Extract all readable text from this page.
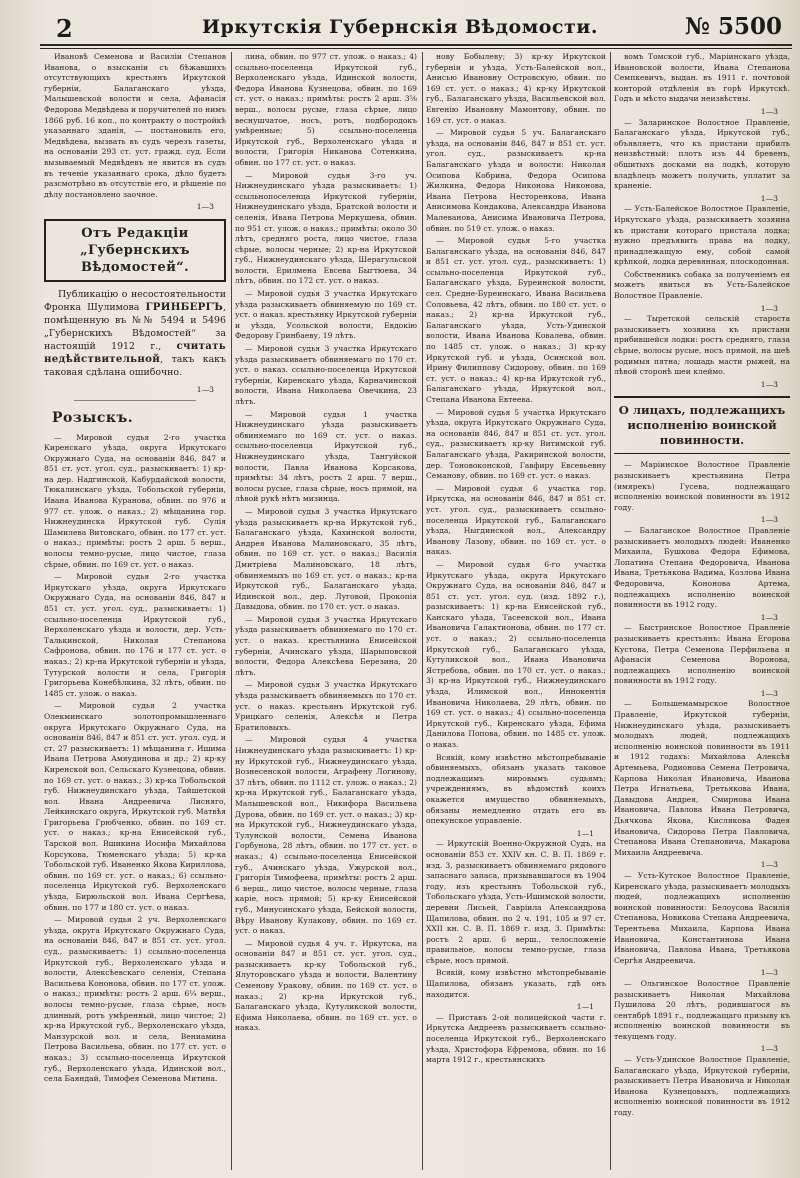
2	Иркутскiя Губернскiя Вѣдомости.	№ 5500

Ивановѣ Семенова и Василiи Степанов Иванова, о взысканiи съ бѣжавшихъ отсутствующихъ крестьянъ Иркутской губернiи, Балаганскаго уѣзда, Малышевской волости и села, Афанасiя Федорова Медвѣдева и поручителей по нимъ 1866 руб. 16 коп., по контракту о постройкѣ указаннаго зданiя, — постановилъ его, Медвѣдева, вызвать въ судъ черезъ газеты, на основанiи 293 ст. уст. гражд. суд. Если вызываемый Медвѣдевъ не явится въ судъ въ теченiе указаннаго срока, дѣло будетъ разсмотрѣно въ отсутствiе его, и рѣшенiе по дѣлу постановлено заочное.

1—3
Отъ Редакцiи „Губернскихъ Вѣдомостей“.
Публикацiю о несостоятельности Фронка Шулимова ГРИНБЕРГЪ, помѣщенную въ №№ 5494 и 5496 „Губернскихъ Вѣдомостей“ за настоящiй 1912 г., считать недѣйствительной, такъ какъ таковая сдѣлана ошибочно.
1—3
Розыскъ.

— Мировой судья 2-го участка Киренскаго уѣзда, округа Иркутскаго Окружнаго Суда, на основанiи 846, 847 и 851 ст. уст. угол. суд., разыскиваетъ: 1) кр-на дер. Надгинской, Кабурдайской волости, Тюкалинскаго уѣзда, Тобольской губернiи, Ивана Иванова Куранова, обвин. по 976 и 977 ст. улож. о наказ.; 2) мѣщанина гор. Нижнеудинска Иркутской губ. Сулiя Шамилева Витовскаго, обвин. по 177 ст. уст. о наказ.; примѣты: ростъ 2 арш. 5 верш., волосы темно-русые, лицо чистое, глаза сѣрые, обвин. по 169 ст. уст. о наказ.

— Мировой судья 2-го участка Иркутскаго уѣзда, округа Иркутскаго Окружнаго Суда, на основанiи 846, 847 и 851 ст. уст. угол. суд., разыскиваетъ: 1) ссыльно-поселенца Иркутской губ., Верхоленскаго уѣзда и волости, дер. Усть-Талькинской, Николая Степанова Сафронова, обвин. по 176 и 177 ст. уст. о наказ.; 2) кр-на Иркутской губернiи и уѣзда, Тутурской волости и села, Григорiя Григорьева Конебѣлкина, 32 лѣтъ, обвин. по 1485 ст. улож. о наказ.

— Мировой судья 2 участка Олекминскаго золотопромышленнаго округа Иркутскаго Окружнаго Суда, на основанiи 846, 847 и 851 ст. уст. угол. суд. и ст. 27 разыскиваетъ: 1) мѣщанина г. Ишима Ивана Петрова Амяудинова и др.; 2) кр-ку Киренской вол. Сельскаго Кузнецова, обвин. по 169 ст. уст. о наказ.; 3) кр-ка Тобольской губ. Нижнеудинскаго уѣзда, Тайшетской вол. Ивана Андреевича Лисняго, Лейкинскаго округа, Иркутской губ. Матвѣя Григорьева Грюбченко, обвин. по 169 ст. уст. о наказ.; кр-на Енисейской губ., Тарской вол. Вшикина Иосифа Михайлова Корсукова, Тюменскаго уѣзда; 5) кр-ка Тобольской губ. Иваненко Якова Кириллова, обвин. по 169 ст. уст. о наказ.; 6) ссыльно-поселенца Иркутской губ. Верхоленскаго уѣзда, Бирюльской вол. Ивана Сергѣева, обвин. по 177 и 180 ст. уст. о наказ.

— Мировой судья 2 уч. Верхоленскаго уѣзда, округа Иркутскаго Окружнаго Суда, на основанiи 846, 847 и 851 ст. уст. угол. суд., разыскиваетъ: 1) ссыльно-поселенца Иркутской губ., Верхоленскаго уѣзда и волости, Алексѣевскаго селенiя, Степана Васильева Кононова, обвин. по 177 ст. улож. о наказ.; примѣты: ростъ 2 арш. 6¼ верш., волосы темно-русые, глаза сѣрые, носъ длинный, ротъ умѣренный, лицо чистое; 2) кр-на Иркутской губ., Верхоленскаго уѣзда, Манзурской вол. и села, Вениамина Петрова Васильева, обвин. по 177 ст. уст. о наказ.; 3) ссыльно-поселенца Иркутской губ., Верхоленскаго уѣзда, Идинской вол., села Баяндай, Тимофея Семенова Митина.

лина, обвин. по 977 ст. улож. о наказ.; 4) ссыльно-поселенца Иркутской губ., Верхоленскаго уѣзда, Идинской волости, Федора Иванова Кузнецова, обвин. по 169 ст. уст. о наказ.; примѣты: ростъ 2 арш. 3⅝ верш., волосы русые, глаза сѣрые, лицо веснушчатое, носъ, ротъ, подбородокъ умѣренные; 5) ссыльно-поселенца Иркутской губ., Верхоленскаго уѣзда и волости, Григорiя Никанова Сотенкина, обвин. по 177 ст. уст. о наказ.

— Мировой судья 3-го уч. Нижнеудинскаго уѣзда разыскиваетъ: 1) ссыльнопоселенца Иркутской губернiи, Нижнеудинскаго уѣзда, Братской волости и селенiя, Ивана Петрова Меркушева, обвин. по 951 ст. улож. о наказ.; примѣты: около 30 лѣтъ, средняго роста, лицо чистое, глаза сѣрые, волосы черные; 2) кр-на Иркутской губ., Нижнеудинскаго уѣзда, Шерагульской волости, Ерилмена Евсева Быгтюева, 34 лѣтъ, обвин. по 172 ст. уст. о наказ.

— Мировой судья 3 участка Иркутскаго уѣзда разыскиваетъ обвиняемую по 169 ст. уст. о наказ. крестьянку Иркутской губернiи и уѣзда, Усольской волости, Евдокiю Федорову Гринбаеву, 19 лѣтъ.

— Мировой судья 3 участка Иркутскаго уѣзда разыскиваетъ обвиняемаго по 170 ст. уст. о наказ. ссыльно-поселенца Иркутской губернiи, Киренскаго уѣзда, Карначинской волости, Ивана Николаева Овечкина, 23 лѣтъ.

— Мировой судья 1 участка Нижнеудинскаго уѣзда разыскиваетъ обвиняемаго по 169 ст. уст. о наказ. ссыльно-поселенца Иркутской губ., Нижнеудинскаго уѣзда, Тангуйской волости, Павла Иванова Корсакова, примѣты: 34 лѣтъ, ростъ 2 арш. 7 верш., волосы русые, глаза сѣрые, носъ прямой, на лѣвой рукѣ нѣтъ мизинца.

— Мировой судья 3 участка Иркутскаго уѣзда разыскиваетъ кр-на Иркутской губ., Балаганскаго уѣзда, Кахинской волости, Андрея Иванова Малиновскаго, 35 лѣтъ, обвин. по 169 ст. уст. о наказ.; Василiя Дмитрiева Малиновскаго, 18 лѣтъ, обвиняемыхъ по 169 ст. уст. о наказ.; кр-на Иркутской губ., Балаганскаго уѣзда, Идинской вол., дер. Луговой, Прокопiя Давыдова, обвин. по 170 ст. уст. о наказ.

— Мировой судья 3 участка Иркутскаго уѣзда разыскиваетъ обвиняемаго по 170 ст. уст. о наказ. крестьянина Енисейской губернiи, Ачинскаго уѣзда, Шарыповской волости, Федора Алексѣева Березина, 20 лѣтъ.

— Мировой судья 3 участка Иркутскаго уѣзда разыскиваетъ обвиняемыхъ по 170 ст. уст. о наказ. крестьянъ Иркутской губ. Урицкаго селенiя, Алексѣя и Петра Братиловыхъ.

— Мировой судья 4 участка Нижнеудинскаго уѣзда разыскиваетъ: 1) кр-ну Иркутской губ., Нижнеудинскаго уѣзда, Вознесенской волости, Аграфену Логинову, 37 лѣтъ, обвин. по 1112 ст. улож. о наказ.; 2) кр-на Иркутской губ., Балаганскаго уѣзда, Малышевской вол., Никифора Васильева Дурова, обвин. по 169 ст. уст. о наказ.; 3) кр-на Иркутской губ., Нижнеудинскаго уѣзда, Тулунской волости, Семена Иванова Горбунова, 28 лѣтъ, обвин. по 177 ст. уст. о наказ.; 4) ссыльно-поселенца Енисейской губ., Ачинскаго уѣзда, Ужурской вол., Григорiя Тимофеева, примѣты: ростъ 2 арш. 6 верш., лицо чистое, волосы черные, глаза карiе, носъ прямой; 5) кр-ку Енисейской губ., Минусинскаго уѣзда, Бейской волости, Вѣру Иванову Кулакову, обвин. по 169 ст. уст. о наказ.

— Мировой судья 4 уч. г. Иркутска, на основанiи 847 и 851 ст. уст. угол. суд., разыскиваетъ кр-ку Тобольской губ., Ялуторовскаго уѣзда и волости, Валентину Семенову Уракову, обвин. по 169 ст. уст. о наказ.; 2) кр-на Иркутской губ., Балаганскаго уѣзда, Кутуликской волости, Ефима Николаева, обвин. по 169 ст. уст. о наказ.

нову Бобылеву; 3) кр-ку Иркутской губернiи и уѣзда, Усть-Балейской вол., Анисью Ивановну Островскую, обвин. по 169 ст. уст. о наказ.; 4) кр-ку Иркутской губ., Балаганскаго уѣзда, Васильевской вол. Евгенiю Ивановну Мамонтову, обвин. по 169 ст. уст. о наказ.

— Мировой судья 5 уч. Балаганскаго уѣзда, на основанiи 846, 847 и 851 ст. уст. угол. суд., разыскиваетъ кр-на Балаганскаго уѣзда и волости: Николая Осипова Кобрина, Федора Осипова Жилкина, Федора Никонова Никонова, Ивана Петрова Несторенкова, Ивана Анисимова Кондакова, Александра Иванова Малеванова, Анисима Ивановича Петрова, обвин. по 519 ст. улож. о наказ.

— Мировой судья 5-го участка Балаганскаго уѣзда, на основанiи 846, 847 и 851 ст. уст. угол. суд., разыскиваетъ: 1) ссыльно-поселенца Иркутской губ., Балаганскаго уѣзда, Буреинской волости, сел. Средне-Буреинскаго, Ивана Васильева Соловьева, 42 лѣтъ, обвин. по 180 ст. уст. о наказ.; 2) кр-на Иркутской губ., Балаганскаго уѣзда, Усть-Удинской волости, Ивана Иванова Ковалева, обвин. по 1485 ст. улож. о наказ.; 3) кр-ку Иркутской губ. и уѣзда, Осинской вол. Ирину Филиппову Сидорову, обвин. по 169 ст. уст. о наказ.; 4) кр-на Иркутской губ., Балаганскаго уѣзда, Иркутской вол., Степана Иванова Евтеева.

— Мировой судья 5 участка Иркутскаго уѣзда, округа Иркутскаго Окружнаго Суда, на основанiи 846, 847 и 851 ст. уст. угол. суд., разыскиваетъ кр-ку Витимской губ. Балаганскаго уѣзда, Ракиринской волости, дер. Тоновоконской, Гавфиру Евсевьевну Семанову, обвин. по 169 ст. уст. о наказ.

— Мировой судья 6 участка гор. Иркутска, на основанiи 846, 847 и 851 ст. уст. угол. суд., разыскиваетъ ссыльно-поселенца Иркутской губ., Балаганскаго уѣзда, Ныгдинской вол., Александру Иванову Лазову, обвин. по 169 ст. уст. о наказ.

— Мировой судья 6-го участка Иркутскаго уѣзда, округа Иркутскаго Окружнаго Суда, на основанiи 846, 847 и 851 ст. уст. угол. суд. (изд. 1892 г.), разыскиваетъ: 1) кр-на Енисейской губ., Канскаго уѣзда, Тасеевской вол., Ивана Ивановича Галактионова, обвин. по 177 ст. уст. о наказ.; 2) ссыльно-поселенца Иркутской губ., Балаганскаго уѣзда, Кутуликской вол., Ивана Ивановича Ястребова, обвин. по 170 ст. уст. о наказ.; 3) кр-на Иркутской губ., Нижнеудинскаго уѣзда, Илимской вол., Иннокентiя Ивановича Николаева, 29 лѣтъ, обвин. по 169 ст. уст. о наказ.; 4) ссыльно-поселенца Иркутской губ., Киренскаго уѣзда, Ефима Данилова Попова, обвин. по 1485 ст. улож. о наказ.

Всякiй, кому извѣстно мѣстопребыванiе обвиняемыхъ, обязанъ указать таковое подлежащимъ мировымъ судьямъ; учреждениямъ, въ вѣдомствѣ коихъ окажется имущество обвиняемыхъ, обязаны немедленно отдать его въ опекунское управленiе.

1—1

— Иркутскiй Военно-Окружной Судъ, на основанiи 853 ст. XXIV кн. С. В. П. 1869 г. изд. 3, разыскиваетъ обвиняемаго рядового запаснаго запаса, призывавшагося въ 1904 году, изъ крестьянъ Тобольской губ., Тобольскаго уѣзда, Усть-Ишимской волости, деревни Лисьей, Гаврiила Александрова Щапилова, обвин. по 2 ч. 191, 105 и 97 ст. XXII кн. С. В. П. 1869 г. изд. 3. Примѣты: ростъ 2 арш. 6 верш., телосложенiе правильное, волосы темно-русые, глаза сѣрые, носъ прямой.

Всякiй, кому извѣстно мѣстопребыванiе Щапилова, обязанъ указать, гдѣ онъ находится.

1—1

— Приставъ 2-ой полицейской части г. Иркутска Андреевъ разыскиваетъ ссыльно-поселенца Иркутской губ., Верхоленскаго уѣзда, Христофора Ефремова, обвин. по 16 марта 1912 г., крестьянскихъ

вомъ Томской губ., Марiинскаго уѣзда, Ивановской волости, Ивана Степанова Семпкевичъ, выдан. въ 1911 г. почтовой конторой отдѣленiя въ горѣ Иркутскѣ. Годъ и мѣсто выдачи неизвѣстны.

1—3

— Заларинское Волостное Правленiе, Балаганскаго уѣзда, Иркутской губ., объявляетъ, что къ пристани прибилъ неизвѣстный: плотъ изъ 44 бревенъ, обшитыхъ досками на лодкѣ, которую владѣлецъ можетъ получить, уплатит за храненiе.

1—3

— Усть-Балейское Волостное Правленiе, Иркутскаго уѣзда, разыскиваетъ хозяина къ пристани котораго пристала лодка; нужно предъявить права на лодку, принадлежащую ему, собой самой крѣпкой, лодка деревянная, плоскодонная.

Собственникъ собака за полученiемъ ея можетъ явиться въ Усть-Балейское Волостное Правленiе.

1—3

— Тыретской сельскiй староста разыскиваетъ хозяина къ пристани прибившейся лодки: ростъ средняго, глаза сѣрые, волосы русые, носъ прямой, на шеѣ родимыя пятна; лошадь масти рыжей, на лѣвой сторонѣ шеи клеймо.

1—3
О лицахъ, подлежащихъ исполненiю воинской повинности.

— Марiинское Волостное Правленiе разыскиваетъ крестьянина Петра (имярекъ) Гусева, подлежащаго исполненiю воинской повинности въ 1912 году.

1—3

— Балаганское Волостное Правленiе разыскиваетъ молодыхъ людей: Иваненко Михаила, Бушкова Федора Ефимова, Лопатина Степана Федоровича, Иванова Ивана, Третьякова Вадима, Козлова Ивана Федоровича, Кононова Артема, подлежащихъ исполненiю воинской повинности въ 1912 году.

1—3

— Быстринское Волостное Правленiе разыскиваетъ крестьянъ: Ивана Егорова Кустова, Петра Семенова Перфильева и Афанасiя Семенова Воронова, подлежащихъ исполненiю воинской повинности въ 1912 году.

1—3

— Большемамырское Волостное Правленiе, Иркутской губернiи, Нижнеудинскаго уѣзда, разыскиваетъ молодыхъ людей, подлежащихъ исполненiю воинской повинности въ 1911 и 1912 годахъ: Михайлова Алексѣя Артемьева, Родионова Семена Петровича, Карпова Николая Ивановича, Иванова Петра Игнатьева, Третьякова Ивана, Давыдова Андрея, Смирнова Ивана Ивановича, Павлова Ивана Петровича, Дьячкова Якова, Кислякова Фадея Ивановича, Сидорова Петра Павловича, Степанова Ивана Степановича, Макарова Михаила Андреевича.

1—3

— Усть-Кутское Волостное Правленiе, Киренскаго уѣзда, разыскиваетъ молодыхъ людей, подлежащихъ исполненiю воинской повинности: Белоусова Василiя Степанова, Новикова Степана Андреевича, Терентьева Михаила, Карпова Ивана Ивановича, Константинова Ивана Ивановича, Павлова Ивана, Третьякова Сергѣя Андреевича.

1—3

— Ольгинское Волостное Правленiе разыскиваетъ Николая Михайлова Пушилова 20 лѣтъ, родившагося въ сентябрѣ 1891 г., подлежащаго призыву къ исполненiю воинской повинности въ текущемъ году.

1—3

— Усть-Удинское Волостное Правленiе, Балаганскаго уѣзда, Иркутской губернiи, разыскиваетъ Петра Ивановича и Николая Иванова Кузнецовыхъ, подлежащихъ исполненiю воинской повинности въ 1912 году.
